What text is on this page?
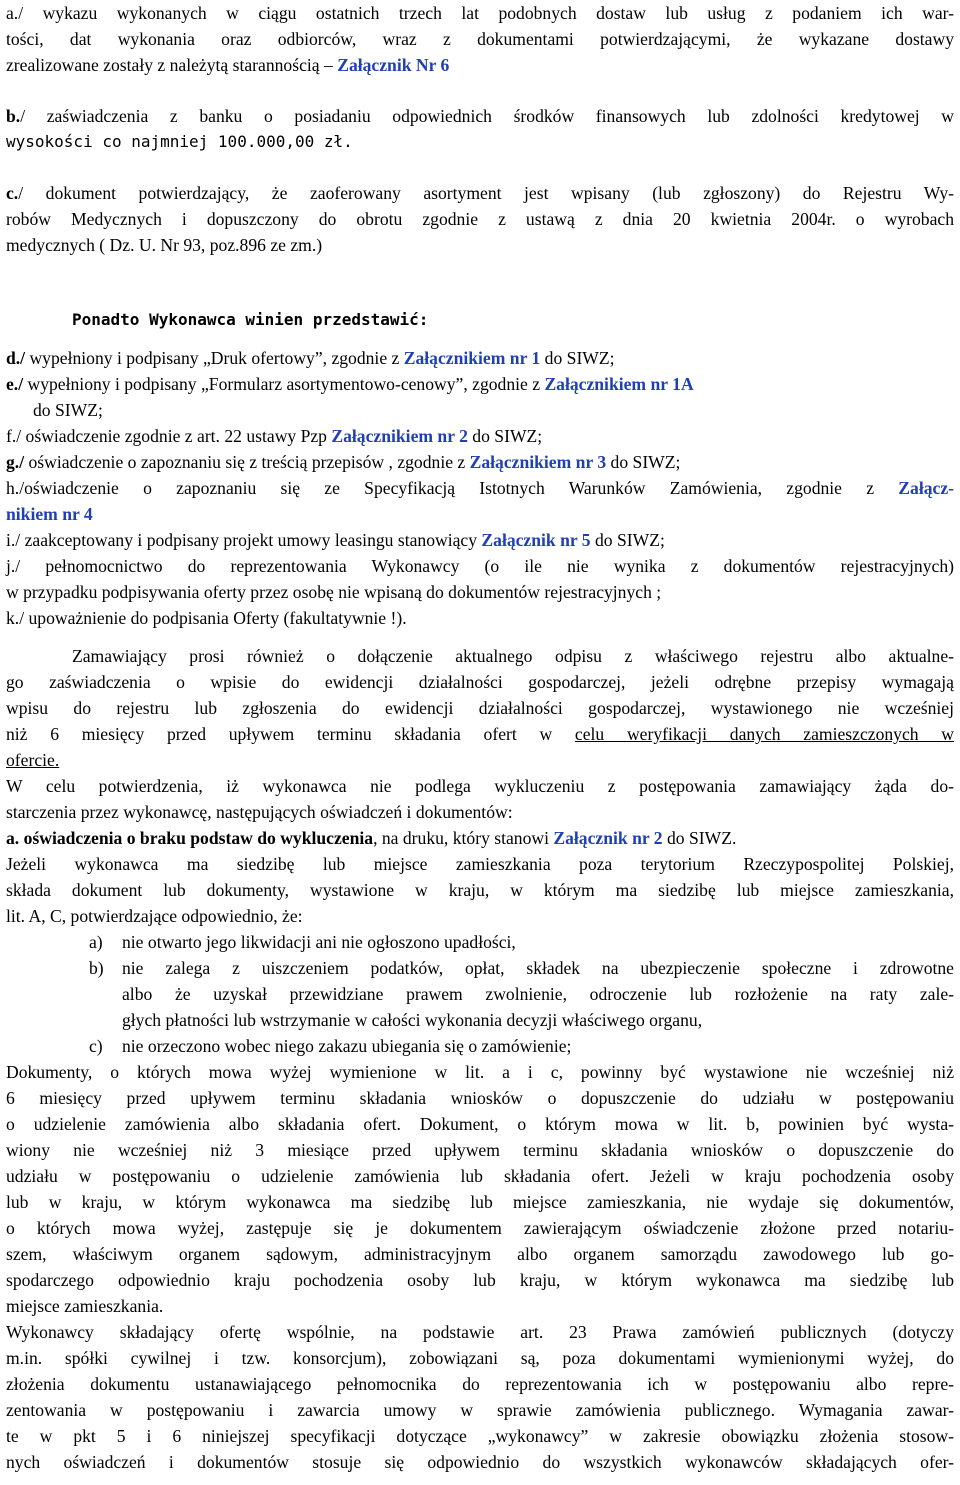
a./ wykazu wykonanych w ciągu ostatnich trzech lat podobnych dostaw lub usług z podaniem ich war-
tości, dat wykonania oraz odbiorców, wraz z dokumentami potwierdzającymi, że wykazane dostawy
zrealizowane zostały z należytą starannością – Załącznik Nr 6
b./ zaświadczenia z banku o posiadaniu odpowiednich środków finansowych lub zdolności kredytowej w
wysokości co najmniej 100.000,00 zł.
c./ dokument potwierdzający, że zaoferowany asortyment jest wpisany (lub zgłoszony) do Rejestru Wy-
robów Medycznych i dopuszczony do obrotu zgodnie z ustawą z dnia 20 kwietnia 2004r. o wyrobach
medycznych ( Dz. U. Nr 93, poz.896 ze zm.)
Ponadto Wykonawca winien przedstawić:
d./ wypełniony i podpisany „Druk ofertowy”, zgodnie z Załącznikiem nr 1 do SIWZ;
e./ wypełniony i podpisany „Formularz asortymentowo-cenowy”, zgodnie z Załącznikiem nr 1A
do SIWZ;
f./ oświadczenie zgodnie z art. 22 ustawy Pzp Załącznikiem nr 2 do SIWZ;
g./ oświadczenie o zapoznaniu się z treścią przepisów , zgodnie z Załącznikiem nr 3 do SIWZ;
h./oświadczenie o zapoznaniu się ze Specyfikacją Istotnych Warunków Zamówienia, zgodnie z Załącz-
nikiem nr 4
i./ zaakceptowany i podpisany projekt umowy leasingu stanowiący Załącznik nr 5 do SIWZ;
j./ pełnomocnictwo do reprezentowania Wykonawcy (o ile nie wynika z dokumentów rejestracyjnych)
w przypadku podpisywania oferty przez osobę nie wpisaną do dokumentów rejestracyjnych ;
k./ upoważnienie do podpisania Oferty (fakultatywnie !).
Zamawiający prosi również o dołączenie aktualnego odpisu z właściwego rejestru albo aktualne-
go zaświadczenia o wpisie do ewidencji działalności gospodarczej, jeżeli odrębne przepisy wymagają
wpisu do rejestru lub zgłoszenia do ewidencji działalności gospodarczej, wystawionego nie wcześniej
niż 6 miesięcy przed upływem terminu składania ofert w celu weryfikacji danych zamieszczonych w
ofercie.
W celu potwierdzenia, iż wykonawca nie podlega wykluczeniu z postępowania zamawiający żąda do-
starczenia przez wykonawcę, następujących oświadczeń i dokumentów:
a. oświadczenia o braku podstaw do wykluczenia, na druku, który stanowi Załącznik nr 2 do SIWZ.
Jeżeli wykonawca ma siedzibę lub miejsce zamieszkania poza terytorium Rzeczypospolitej Polskiej,
składa dokument lub dokumenty, wystawione w kraju, w którym ma siedzibę lub miejsce zamieszkania,
lit. A, C, potwierdzające odpowiednio, że:
a) nie otwarto jego likwidacji ani nie ogłoszono upadłości,
b) nie zalega z uiszczeniem podatków, opłat, składek na ubezpieczenie społeczne i zdrowotne
albo że uzyskał przewidziane prawem zwolnienie, odroczenie lub rozłożenie na raty zale-
głych płatności lub wstrzymanie w całości wykonania decyzji właściwego organu,
c) nie orzeczono wobec niego zakazu ubiegania się o zamówienie;
Dokumenty, o których mowa wyżej wymienione w lit. a i c, powinny być wystawione nie wcześniej niż
6 miesięcy przed upływem terminu składania wniosków o dopuszczenie do udziału w postępowaniu
o udzielenie zamówienia albo składania ofert. Dokument, o którym mowa w lit. b, powinien być wysta-
wiony nie wcześniej niż 3 miesiące przed upływem terminu składania wniosków o dopuszczenie do
udziału w postępowaniu o udzielenie zamówienia lub składania ofert. Jeżeli w kraju pochodzenia osoby
lub w kraju, w którym wykonawca ma siedzibę lub miejsce zamieszkania, nie wydaje się dokumentów,
o których mowa wyżej, zastępuje się je dokumentem zawierającym oświadczenie złożone przed notariu-
szem, właściwym organem sądowym, administracyjnym albo organem samorządu zawodowego lub go-
spodarczego odpowiednio kraju pochodzenia osoby lub kraju, w którym wykonawca ma siedzibę lub
miejsce zamieszkania.
Wykonawcy składający ofertę wspólnie, na podstawie art. 23 Prawa zamówień publicznych (dotyczy
m.in. spółki cywilnej i tzw. konsorcjum), zobowiązani są, poza dokumentami wymienionymi wyżej, do
złożenia dokumentu ustanawiającego pełnomocnika do reprezentowania ich w postępowaniu albo repre-
zentowania w postępowaniu i zawarcia umowy w sprawie zamówienia publicznego. Wymagania zawar-
te w pkt 5 i 6 niniejszej specyfikacji dotyczące „wykonawcy” w zakresie obowiązku złożenia stosow-
nych oświadczeń i dokumentów stosuje się odpowiednio do wszystkich wykonawców składających ofer-
